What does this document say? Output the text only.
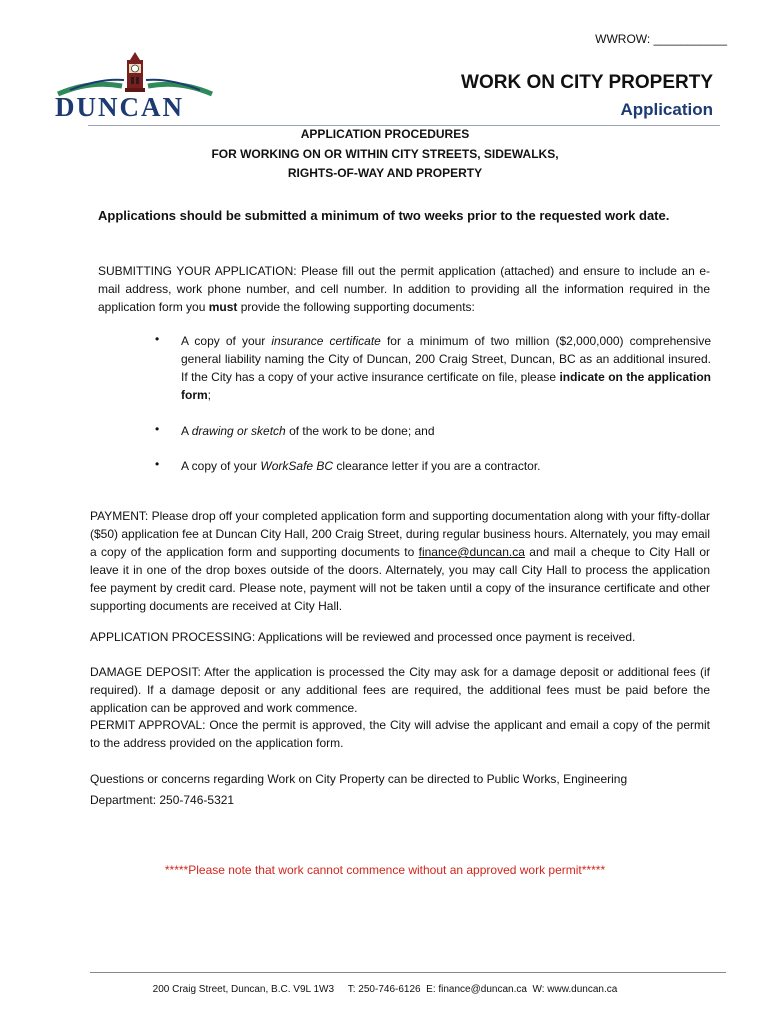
WWROW: ___________
DUNCAN
WORK ON CITY PROPERTY
Application
APPLICATION PROCEDURES
FOR WORKING ON OR WITHIN CITY STREETS, SIDEWALKS,
RIGHTS-OF-WAY AND PROPERTY
Applications should be submitted a minimum of two weeks prior to the requested work date.
SUBMITTING YOUR APPLICATION: Please fill out the permit application (attached) and ensure to include an e-mail address, work phone number, and cell number. In addition to providing all the information required in the application form you must provide the following supporting documents:
• A copy of your insurance certificate for a minimum of two million ($2,000,000) comprehensive general liability naming the City of Duncan, 200 Craig Street, Duncan, BC as an additional insured. If the City has a copy of your active insurance certificate on file, please indicate on the application form;
• A drawing or sketch of the work to be done; and
• A copy of your WorkSafe BC clearance letter if you are a contractor.
PAYMENT: Please drop off your completed application form and supporting documentation along with your fifty-dollar ($50) application fee at Duncan City Hall, 200 Craig Street, during regular business hours. Alternately, you may email a copy of the application form and supporting documents to finance@duncan.ca and mail a cheque to City Hall or leave it in one of the drop boxes outside of the doors. Alternately, you may call City Hall to process the application fee payment by credit card. Please note, payment will not be taken until a copy of the insurance certificate and other supporting documents are received at City Hall.
APPLICATION PROCESSING: Applications will be reviewed and processed once payment is received.
DAMAGE DEPOSIT: After the application is processed the City may ask for a damage deposit or additional fees (if required). If a damage deposit or any additional fees are required, the additional fees must be paid before the application can be approved and work commence.
PERMIT APPROVAL: Once the permit is approved, the City will advise the applicant and email a copy of the permit to the address provided on the application form.
Questions or concerns regarding Work on City Property can be directed to Public Works, Engineering
Department: 250-746-5321
*****Please note that work cannot commence without an approved work permit*****
200 Craig Street, Duncan, B.C. V9L 1W3     T: 250-746-6126  E: finance@duncan.ca  W: www.duncan.ca
